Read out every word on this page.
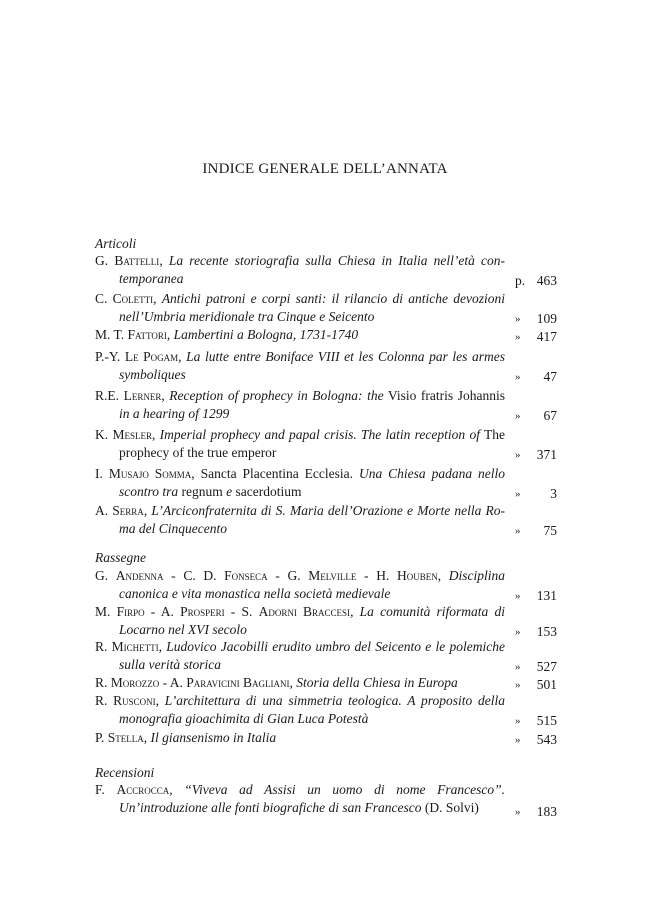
INDICE GENERALE DELL’ANNATA
Articoli
G. Battelli, La recente storiografia sulla Chiesa in Italia nell’età con-
temporanea	p. 463
C. Coletti, Antichi patroni e corpi santi: il rilancio di antiche devozioni
nell’Umbria meridionale tra Cinque e Seicento	» 109
M. T. Fattori, Lambertini a Bologna, 1731-1740	» 417
P.-Y. Le Pogam, La lutte entre Boniface VIII et les Colonna par les armes
symboliques	» 47
R.E. Lerner, Reception of prophecy in Bologna: the Visio fratris Johannis
in a hearing of 1299	» 67
K. Mesler, Imperial prophecy and papal crisis. The latin reception of The
prophecy of the true emperor	» 371
I. Musajo Somma, Sancta Placentina Ecclesia. Una Chiesa padana nello
scontro tra regnum e sacerdotium	» 3
A. Serra, L’Arciconfraternita di S. Maria dell’Orazione e Morte nella Ro-
ma del Cinquecento	» 75
Rassegne
G. Andenna - C. D. Fonseca - G. Melville - H. Houben, Disciplina
canonica e vita monastica nella società medievale	» 131
M. Firpo - A. Prosperi - S. Adorni Braccesi, La comunità riformata di
Locarno nel XVI secolo	» 153
R. Michetti, Ludovico Jacobilli erudito umbro del Seicento e le polemiche
sulla verità storica	» 527
R. Morozzo - A. Paravicini Bagliani, Storia della Chiesa in Europa	» 501
R. Rusconi, L’architettura di una simmetria teologica. A proposito della
monografia gioachimita di Gian Luca Potestà	» 515
P. Stella, Il giansenismo in Italia	» 543
Recensioni
F. Accrocca, “Viveva ad Assisi un uomo di nome Francesco”.
Un’introduzione alle fonti biografiche di san Francesco (D. Solvi)	» 183
